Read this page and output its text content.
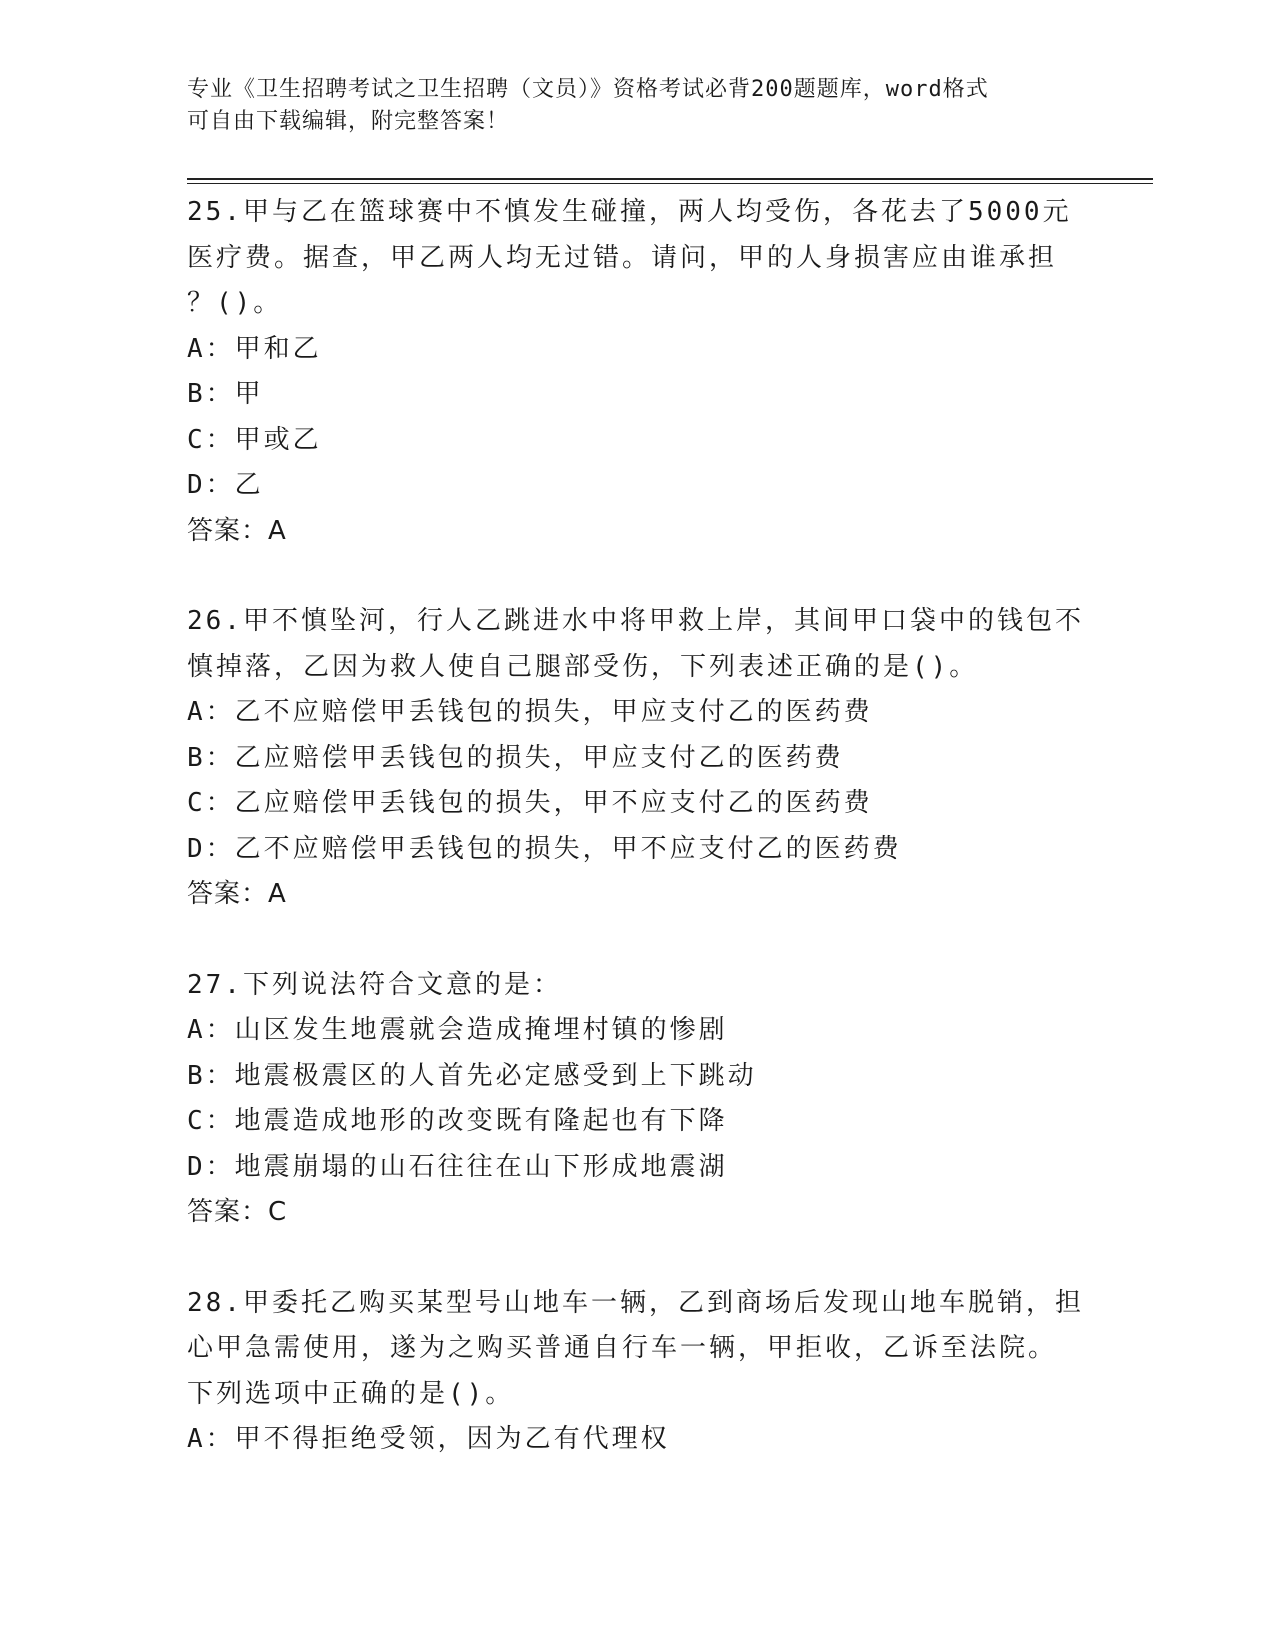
专业《卫生招聘考试之卫生招聘（文员）》资格考试必背200题题库，word格式
可自由下载编辑，附完整答案！

25.甲与乙在篮球赛中不慎发生碰撞，两人均受伤，各花去了5000元

医疗费。据查，甲乙两人均无过错。请问，甲的人身损害应由谁承担

？()。

A：甲和乙

B：甲

C：甲或乙

D：乙

答案：A

26.甲不慎坠河，行人乙跳进水中将甲救上岸，其间甲口袋中的钱包不

慎掉落，乙因为救人使自己腿部受伤，下列表述正确的是()。

A：乙不应赔偿甲丢钱包的损失，甲应支付乙的医药费

B：乙应赔偿甲丢钱包的损失，甲应支付乙的医药费

C：乙应赔偿甲丢钱包的损失，甲不应支付乙的医药费

D：乙不应赔偿甲丢钱包的损失，甲不应支付乙的医药费

答案：A

27.下列说法符合文意的是：

A：山区发生地震就会造成掩埋村镇的惨剧

B：地震极震区的人首先必定感受到上下跳动

C：地震造成地形的改变既有隆起也有下降

D：地震崩塌的山石往往在山下形成地震湖

答案：C

28.甲委托乙购买某型号山地车一辆，乙到商场后发现山地车脱销，担

心甲急需使用，遂为之购买普通自行车一辆，甲拒收，乙诉至法院。

下列选项中正确的是()。

A：甲不得拒绝受领，因为乙有代理权
